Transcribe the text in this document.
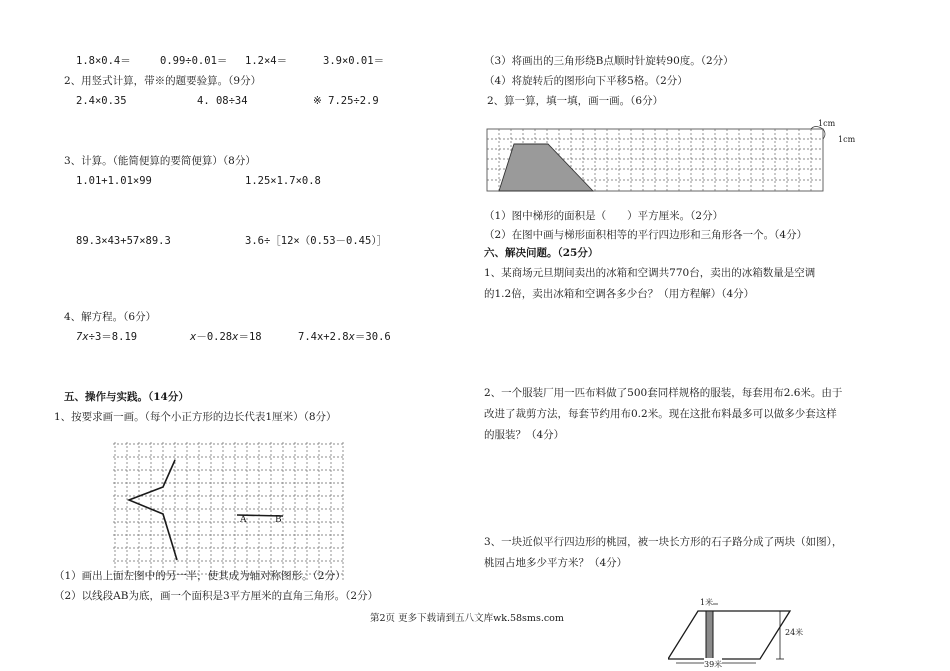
1.8×0.4＝	0.99÷0.01＝ 1.2×4＝	3.9×0.01＝
2、用竖式计算，带※的题要验算。（9分）
2.4×0.35	4. 08÷34	※ 7.25÷2.9
3、计算。（能简便算的要简便算）（8分）
1.01+1.01×99	1.25×1.7×0.8
89.3×43+57×89.3	3.6÷［12×（0.53－0.45）］
4、解方程。（6分）
7x÷3＝8.19	x－0.28x＝18	7.4x+2.8x＝30.6
五、操作与实践。（14分）
1、按要求画一画。（每个小正方形的边长代表1厘米）（8分）
A	B
（1）画出上面左图中的另一半，使其成为轴对称图形。（2分）
（2）以线段AB为底，画一个面积是3平方厘米的直角三角形。（2分）
（3）将画出的三角形绕B点顺时针旋转90度。（2分）
（4）将旋转后的图形向下平移5格。（2分）
2、算一算，填一填，画一画。（6分）
1cm
1cm
（1）图中梯形的面积是（　　）平方厘米。（2分）
（2）在图中画与梯形面积相等的平行四边形和三角形各一个。（4分）
六、解决问题。（25分）
1、某商场元旦期间卖出的冰箱和空调共770台，卖出的冰箱数量是空调
的1.2倍，卖出冰箱和空调各多少台？（用方程解）（4分）
2、一个服装厂用一匹布料做了500套同样规格的服装，每套用布2.6米。由于
改进了裁剪方法，每套节约用布0.2米。现在这批布料最多可以做多少套这样
的服装？（4分）
3、一块近似平行四边形的桃园，被一块长方形的石子路分成了两块（如图），
桃园占地多少平方米？（4分）
1米
24米
39米
第2页 更多下载请到五八文库wk.58sms.com
